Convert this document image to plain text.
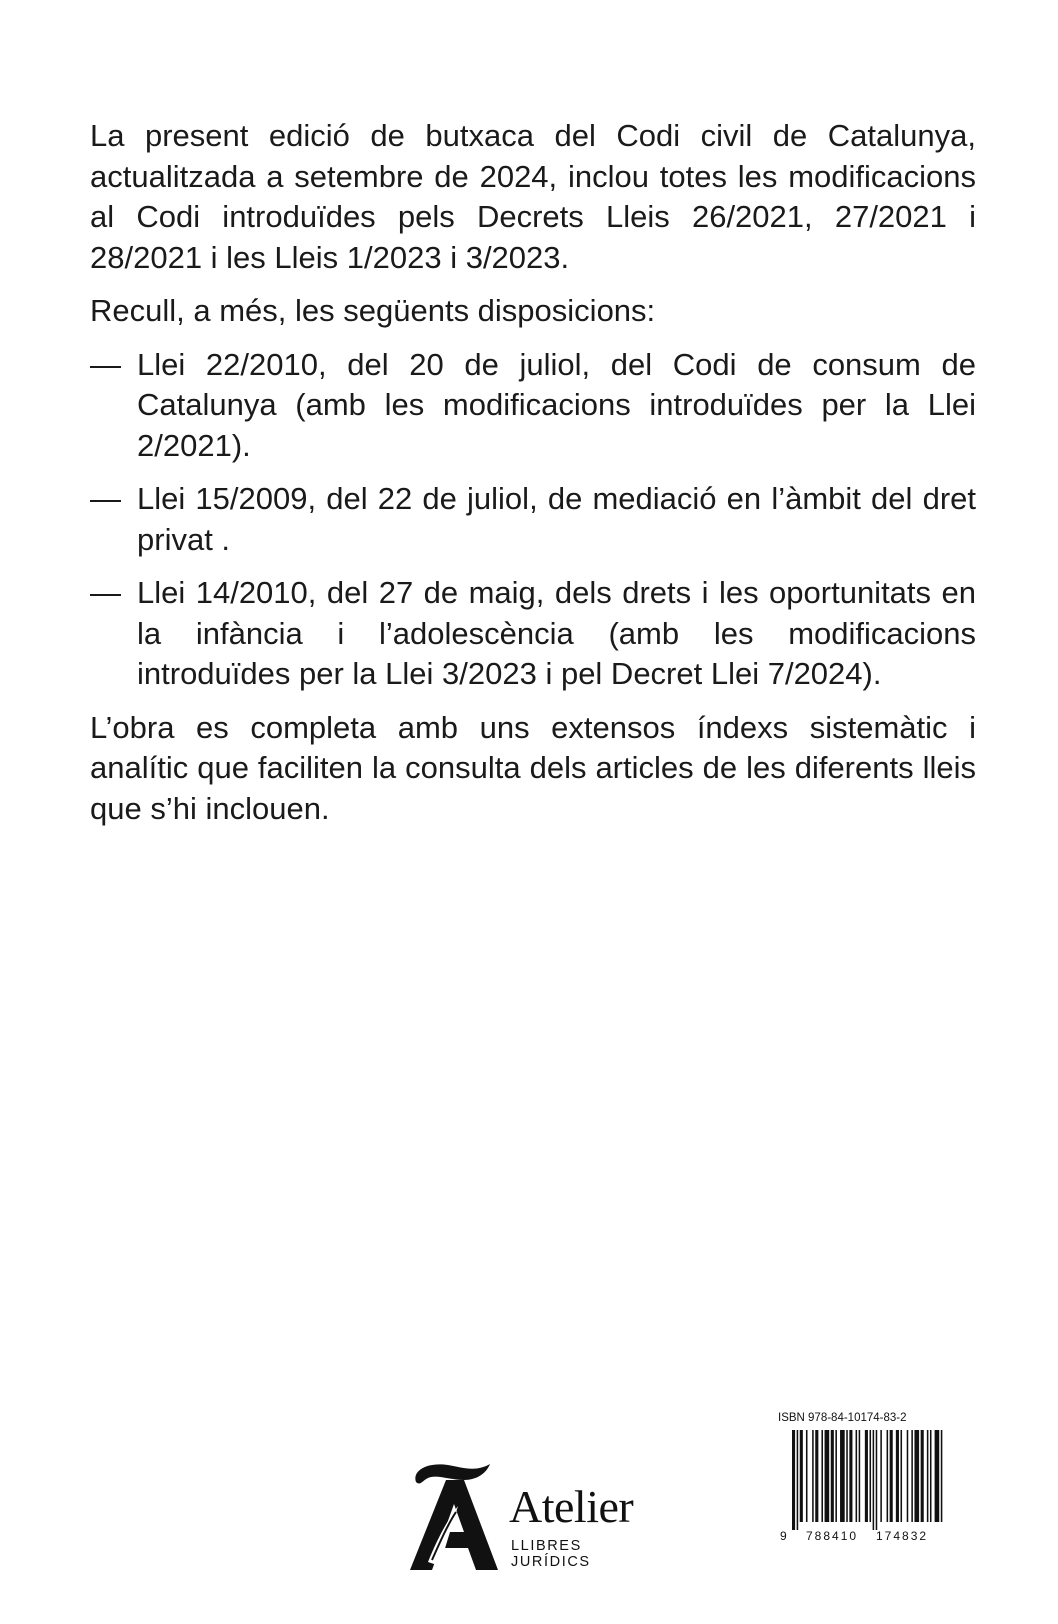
La present edició de butxaca del Codi civil de Catalunya, actualitzada a setembre de 2024, inclou totes les modificacions al Codi introduïdes pels Decrets Lleis 26/2021, 27/2021 i 28/2021 i les Lleis 1/2023 i 3/2023.

Recull, a més, les següents disposicions:

— Llei 22/2010, del 20 de juliol, del Codi de consum de Catalunya (amb les modificacions introduïdes per la Llei 2/2021).
— Llei 15/2009, del 22 de juliol, de mediació en l’àmbit del dret privat .
— Llei 14/2010, del 27 de maig, dels drets i les oportunitats en la infància i l’adolescència (amb les modificacions introduïdes per la Llei 3/2023 i pel Decret Llei 7/2024).

L’obra es completa amb uns extensos índexs sistemàtic i analític que faciliten la consulta dels articles de les diferents lleis que s’hi inclouen.

Atelier
LLIBRES JURÍDICS
ISBN 978-84-10174-83-2
9 788410 174832
